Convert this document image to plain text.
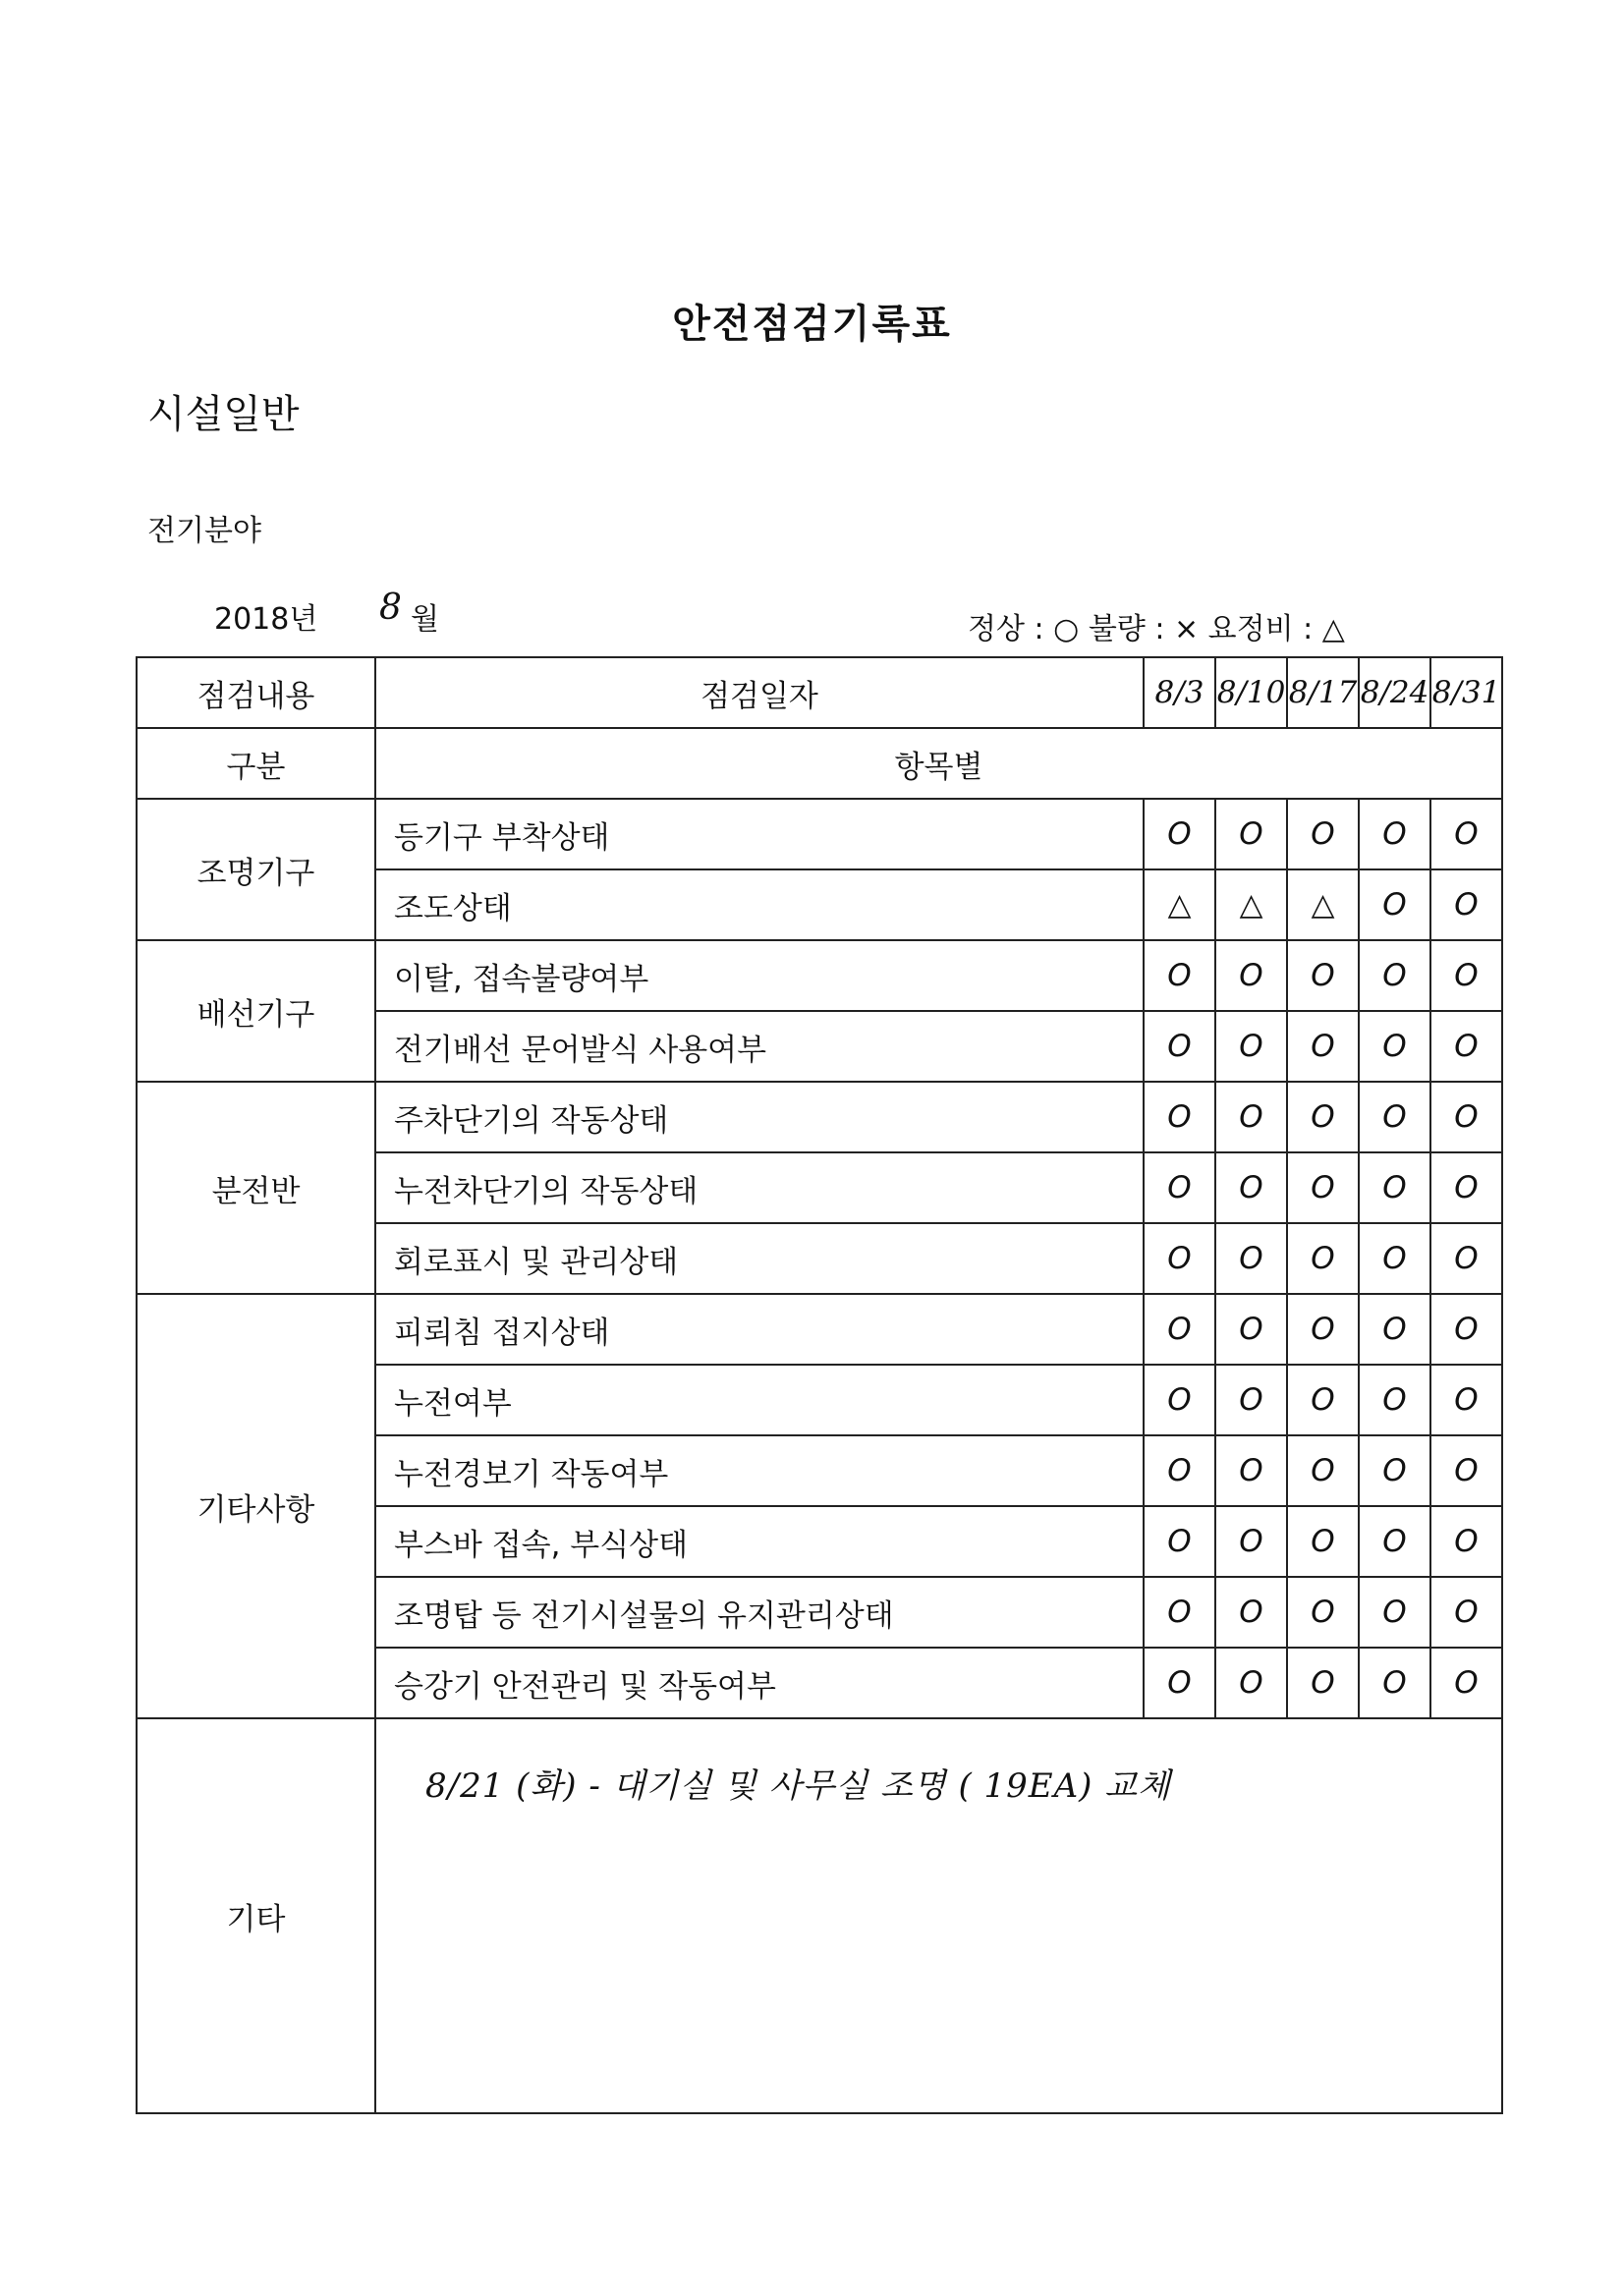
안전점검기록표
시설일반
전기분야
2018년 8 월	정상 : ○ 불량 : × 요정비 : △
점검내용	점검일자	8/3	8/10	8/17	8/24	8/31
구분	항목별					
조명기구	등기구 부착상태	O	O	O	O	O
	조도상태	△	△	△	O	O
배선기구	이탈, 접속불량여부	O	O	O	O	O
	전기배선 문어발식 사용여부	O	O	O	O	O
분전반	주차단기의 작동상태	O	O	O	O	O
	누전차단기의 작동상태	O	O	O	O	O
	회로표시 및 관리상태	O	O	O	O	O
기타사항	피뢰침 접지상태	O	O	O	O	O
	누전여부	O	O	O	O	O
	누전경보기 작동여부	O	O	O	O	O
	부스바 접속, 부식상태	O	O	O	O	O
	조명탑 등 전기시설물의 유지관리상태	O	O	O	O	O
	승강기 안전관리 및 작동여부	O	O	O	O	O
기타	8/21 (화) - 대기실 및 사무실 조명 ( 19EA) 교체					
